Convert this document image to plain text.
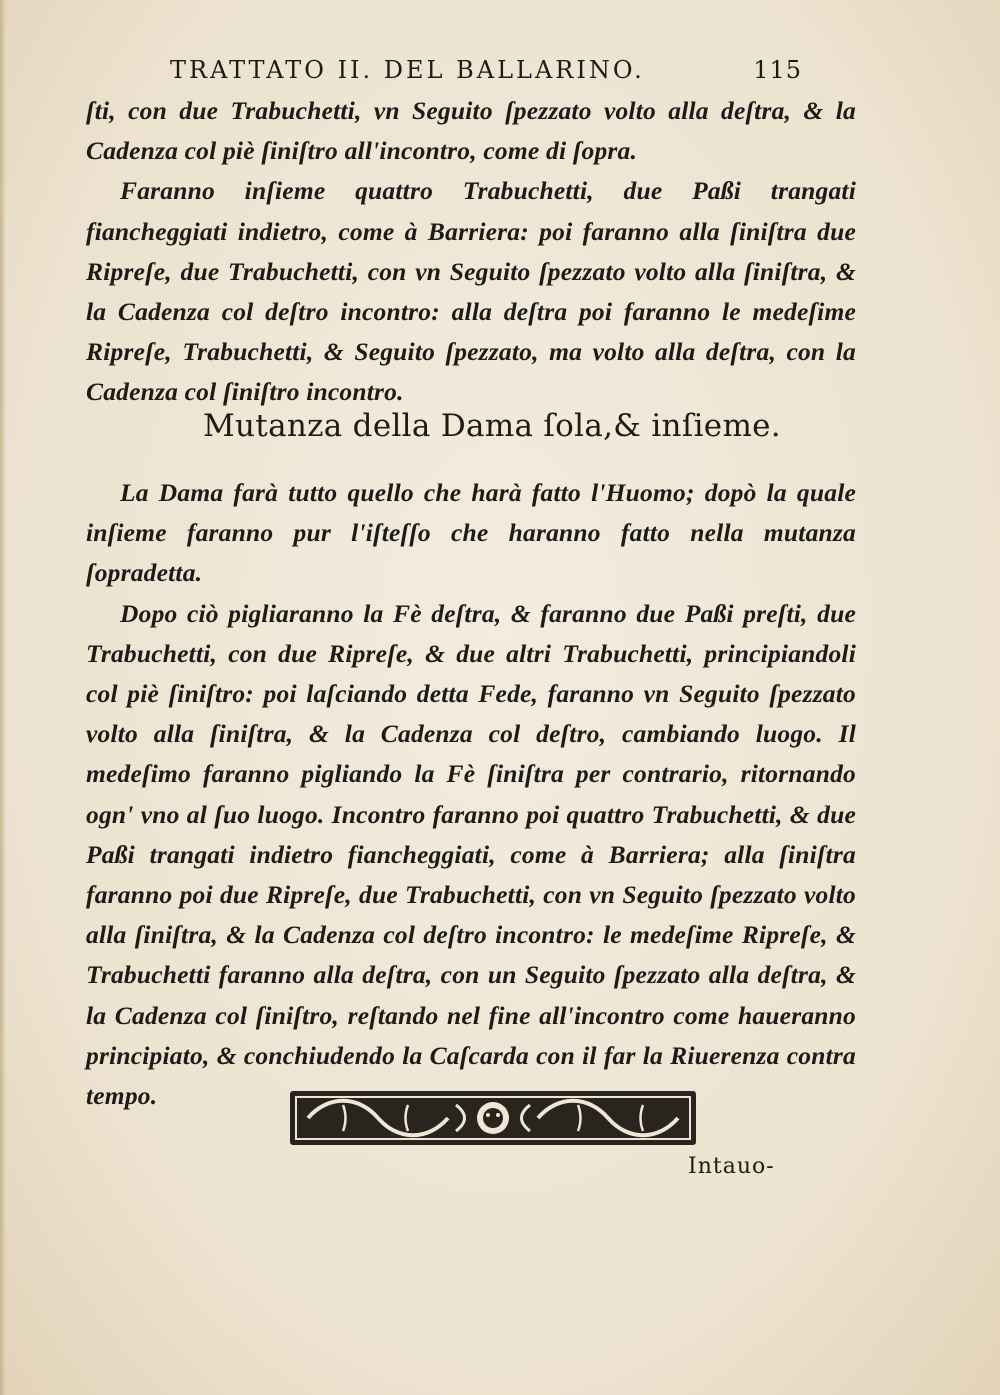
TRATTATO II. DEL BALLARINO.	115

ſti, con due Trabuchetti, vn Seguito ſpezzato volto alla deſtra, & la Cadenza col piè ſiniſtro all'incontro, come di ſopra.

Faranno inſieme quattro Trabuchetti, due Paßi trangati fiancheggiati indietro, come à Barriera: poi faranno alla ſiniſtra due Ripreſe, due Trabuchetti, con vn Seguito ſpezzato volto alla ſiniſtra, & la Cadenza col deſtro incontro: alla deſtra poi faranno le medeſime Ripreſe, Trabuchetti, & Seguito ſpezzato, ma volto alla deſtra, con la Cadenza col ſiniſtro incontro.

Mutanza della Dama ſola,& inſieme.

La Dama farà tutto quello che harà fatto l'Huomo; dopò la quale inſieme faranno pur l'iſteſſo che haranno fatto nella mutanza ſopradetta.

Dopo ciò pigliaranno la Fè deſtra, & faranno due Paßi preſti, due Trabuchetti, con due Ripreſe, & due altri Trabuchetti, principiandoli col piè ſiniſtro: poi laſciando detta Fede, faranno vn Seguito ſpezzato volto alla ſiniſtra, & la Cadenza col deſtro, cambiando luogo. Il medeſimo faranno pigliando la Fè ſiniſtra per contrario, ritornando ogn' vno al ſuo luogo. Incontro faranno poi quattro Trabuchetti, & due Paßi trangati indietro fiancheggiati, come à Barriera; alla ſiniſtra faranno poi due Ripreſe, due Trabuchetti, con vn Seguito ſpezzato volto alla ſiniſtra, & la Cadenza col deſtro incontro: le medeſime Ripreſe, & Trabuchetti faranno alla deſtra, con un Seguito ſpezzato alla deſtra, & la Cadenza col ſiniſtro, reſtando nel fine all'incontro come haueranno principiato, & conchiudendo la Caſcarda con il far la Riuerenza contra tempo.

Intauo-
